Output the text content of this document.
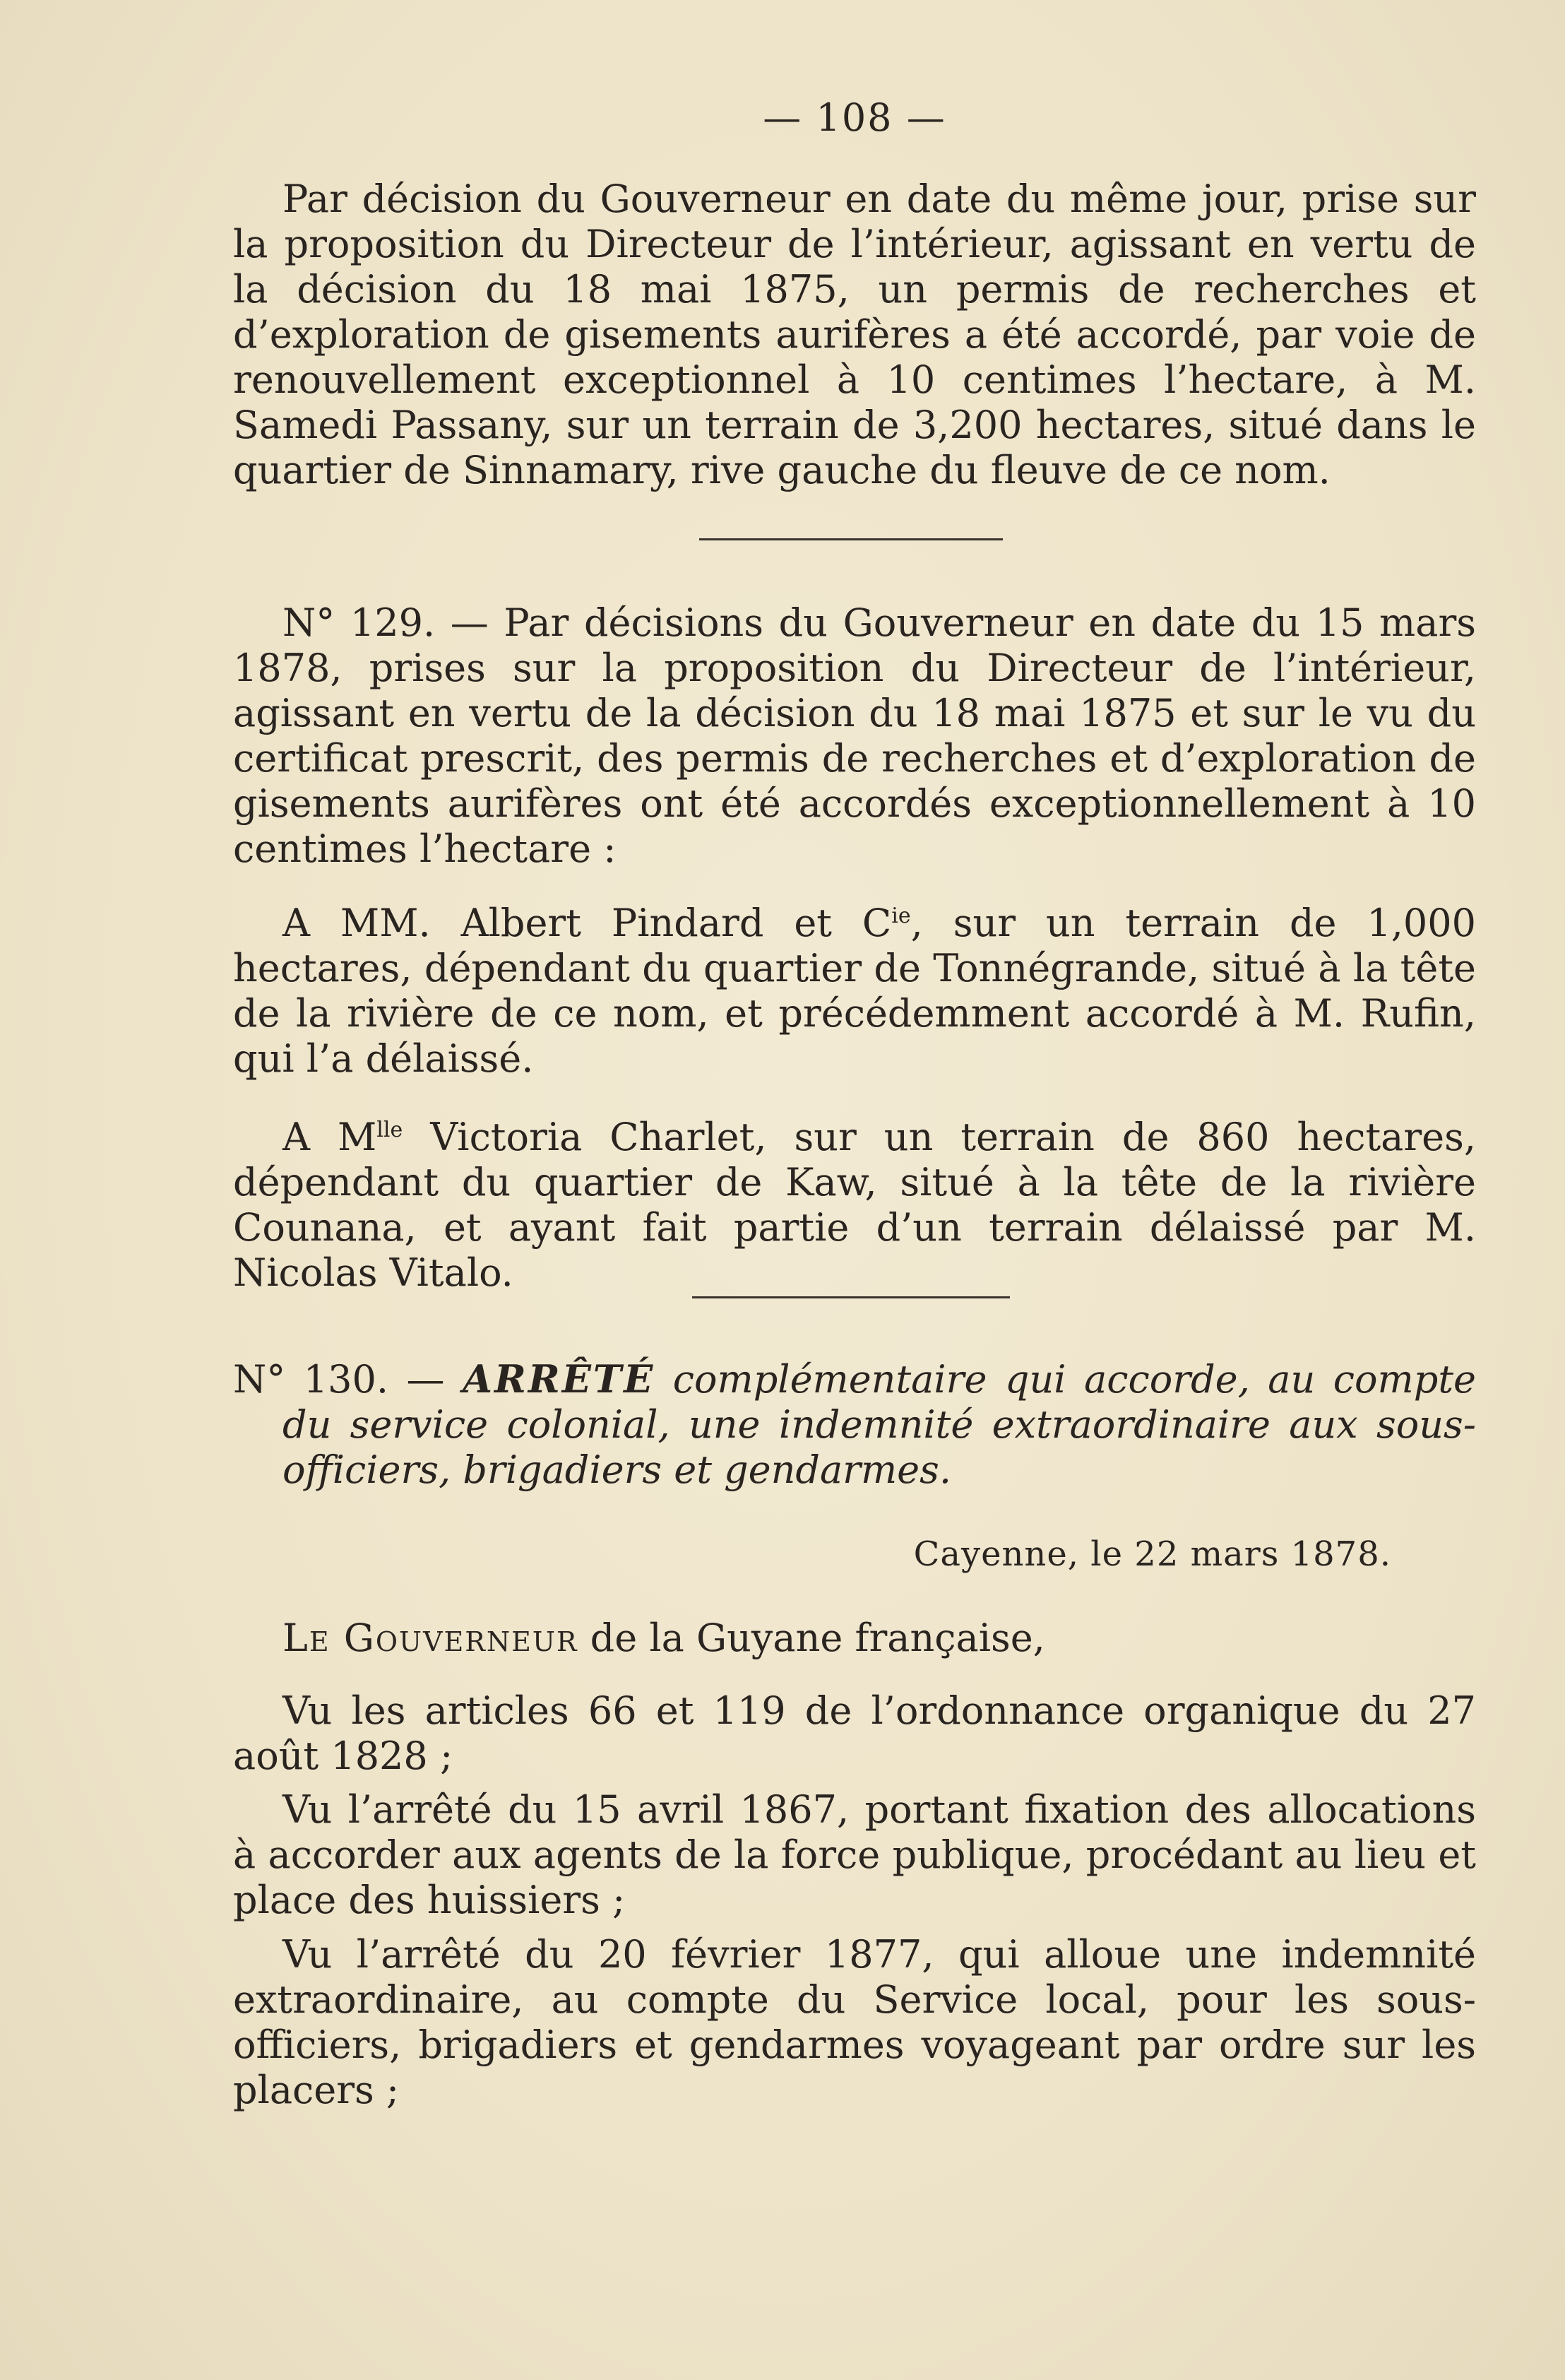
— 108 —

Par décision du Gouverneur en date du même jour, prise sur la proposition du Directeur de l’intérieur, agissant en vertu de la décision du 18 mai 1875, un permis de recherches et d’exploration de gisements aurifères a été accordé, par voie de renouvellement exceptionnel à 10 centimes l’hectare, à M. Samedi Passany, sur un terrain de 3,200 hectares, situé dans le quartier de Sinnamary, rive gauche du fleuve de ce nom.

N° 129. — Par décisions du Gouverneur en date du 15 mars 1878, prises sur la proposition du Directeur de l’intérieur, agissant en vertu de la décision du 18 mai 1875 et sur le vu du certificat prescrit, des permis de recherches et d’exploration de gisements aurifères ont été accordés exceptionnellement à 10 centimes l’hectare :

A MM. Albert Pindard et $C^{ie}$, sur un terrain de 1,000 hectares, dépendant du quartier de Tonnégrande, situé à la tête de la rivière de ce nom, et précédemment accordé à M. Rufin, qui l’a délaissé.

A $M^{lle}$ Victoria Charlet, sur un terrain de 860 hectares, dépendant du quartier de Kaw, situé à la tête de la rivière Counana, et ayant fait partie d’un terrain délaissé par M. Nicolas Vitalo.

N° 130. — ARRÊTÉ complémentaire qui accorde, au compte du service colonial, une indemnité extraordinaire aux sous-officiers, brigadiers et gendarmes.

Cayenne, le 22 mars 1878.

Le Gouverneur de la Guyane française,

Vu les articles 66 et 119 de l’ordonnance organique du 27 août 1828 ;

Vu l’arrêté du 15 avril 1867, portant fixation des allocations à accorder aux agents de la force publique, procédant au lieu et place des huissiers ;

Vu l’arrêté du 20 février 1877, qui alloue une indemnité extraordinaire, au compte du Service local, pour les sous-officiers, brigadiers et gendarmes voyageant par ordre sur les placers ;
